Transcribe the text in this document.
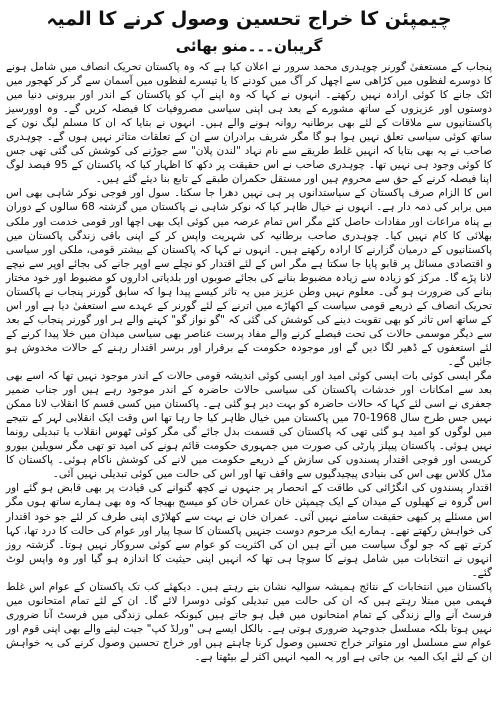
چیمپئن کا خراج تحسین وصول کرنے کا المیہ
گریبان۔۔۔منو بھائی

پنجاب کے مستعفیٰ گورنر چوہدری محمد سرور نے اعلان کیا ہے کہ وہ پاکستان تحریک انصاف میں شامل ہونے کا دوسرے لفظوں میں کڑاھی سے اچھل کر آگ میں کودنے کا یا تیسرے لفظوں میں آسمان سے گر کر کھجور میں اٹک جانے کا کوئی ارادہ نہیں رکھتے۔ انہوں نے کہا کہ وہ اپنے آپ کو پاکستان کے اندر اور بیرونی دنیا میں دوستوں اور عزیزوں کے ساتھ مشورے کے بعد ہی اپنی سیاسی مصروفیات کا فیصلہ کریں گے۔ وہ اوورسیز پاکستانیوں سے ملاقات کے لئے بھی برطانیہ روانہ ہونے والے ہیں۔ انہوں نے بتایا کہ ان کا مسلم لیگ نون کے ساتھ کوئی سیاسی تعلق نہیں ہوا ہو گا مگر شریف برادران سے ان کے تعلقات متاثر نہیں ہوں گے۔ چوہدری صاحب نے یہ بھی بتایا کہ انہیں غلط طریقے سے نام نہاد "لندن پلان" سے جوڑنے کی کوشش کی گئی تھی جس کا کوئی وجود ہی نہیں تھا۔ چوہدری صاحب نے اس حقیقت پر دکھ کا اظہار کیا کہ پاکستان کے 95 فیصد لوگ اپنا فیصلہ کرنے کے حق سے محروم ہیں اور مستقل حکمران طبقے کے تابع بنا دیئے گئے ہیں۔

اس کا الزام صرف پاکستان کے سیاستدانوں پر ہی نہیں دھرا جا سکتا۔ سول اور فوجی نوکر شاہی بھی اس میں برابر کی ذمہ دار ہے۔ انہوں نے خیال ظاہر کیا کہ نوکر شاہی نے پاکستان میں گزشتہ 68 سالوں کے دوران بے پناہ مراعات اور مفادات حاصل کئے مگر اس تمام عرصہ میں کوئی ایک بھی اچھا اور قومی خدمت اور ملکی بھلائی کا کام نہیں کیا۔ چوہدری صاحب برطانیہ کی شہریت واپس کر کے اپنی باقی زندگی پاکستان میں پاکستانیوں کے درمیان گزارنے کا ارادہ رکھتے ہیں۔ انہوں نے کہا کہ پاکستان کے بیشتر قومی، ملکی اور سیاسی و اقتصادی مسائل پر قابو پایا جا سکتا ہے مگر اس کے لئے اقتدار کو نچلے سے اوپر جانے کی بجائے اوپر سے نیچے لانا پڑے گا۔ مرکز کو زیادہ سے زیادہ مضبوط بنانے کی بجائے صوبوں اور بلدیاتی اداروں کو مضبوط اور خود مختار بنانے کی ضرورت ہو گی۔ معلوم نہیں وطن عزیز میں یہ تاثر کیسے پیدا ہوا کہ سابق گورنر پنجاب نے پاکستان تحریک انصاف کے ذریعے قومی سیاست کے اکھاڑے میں اترنے کے لئے گورنر کے عہدے سے استعفیٰ دیا ہے اور اس کے ساتھ اس تاثر کو بھی تقویت دینے کی کوشش کی گئی کہ "گو نواز گو" کہنے والے ہر اور گورنر پنجاب کے بعد سے دیگر موسمی حالات کی تحت فیصلے کرنے والے مفاد پرست عناصر بھی سیاسی میدان میں خلا پیدا کرنے کے لئے استعفوں کے ڈھیر لگا دیں گے اور موجودہ حکومت کے برقرار اور برسر اقتدار رہنے کے حالات مخدوش ہو جائیں گے۔

مگر ایسی کوئی بات ایسی کوئی امید اور ایسی کوئی اندیشہ قومی حالات کے اندر موجود نہیں تھا کہ اسے بھی بعد سے امکانات اور خدشات پاکستان کی سیاسی حالات حاضرہ کے اندر موجود رہے ہیں اور جناب ضمیر جعفری نے اسی لئے کہا کہ حالات حاضرہ کو بہت دیر ہو گئی ہے۔ پاکستان میں کسی قسم کا انقلاب لانا ممکن نہیں جس طرح سال 1968-70 میں پاکستان میں خیال ظاہر کیا جا رہا تھا اس وقت ایک انقلابی لہر کے نتیجے میں لوگوں کو امید ہو گئی تھی کہ پاکستان کی قسمت بدل جائے گی مگر کوئی ٹھوس انقلاب یا تبدیلی رونما نہیں ہوئی۔ پاکستان پیپلز پارٹی کی صورت میں جمہوری حکومت قائم ہونے کی امید تو تھی مگر سویلین بیورو کریسی اور فوجی اقتدار پسندوں کی سازش کے ذریعے حکومت میں لانے کی کوشش ناکام ہوئی۔ پاکستان کا مڈل کلاس بھی اس کی بنیادی پیچیدگیوں سے واقف تھا اور اس کی حالت میں کوئی تبدیلی نہیں آئی۔

اقتدار پسندوں کی انگڑائی کی طاقت کے انحصار پر جنہوں نے کچھ گنوانے کی قیادت پر بھی قابض ہو گئے اور اس گروہ نے کھیلوں کے میدان کے ایک چیمپئن خان عمران خان کو میسج بھیجا کہ وہ بھی ہمارے ساتھ ہوں مگر اس مسئلے پر کبھی حقیقت سامنے نہیں آئی۔ عمران خان نے بہت سے کھلاڑی اپنی طرف کر لئے جو خود اقتدار کی خواہش رکھتے تھے۔ ہمارے ایک مرحوم دوست جنہیں پاکستان کا سچا پیار اور عوام کی حالت کا درد تھا، کہا کرتے تھے کہ جو لوگ سیاست میں آتے ہیں ان کی اکثریت کو عوام سے کوئی سروکار نہیں ہوتا۔ گزشتہ روز انہوں نے انتخابات میں شامل ہونے کا سوچا ہی تھا کہ انہیں اپنی حیثیت کا اندازہ ہو گیا اور وہ واپس لوٹ گئے۔

پاکستان میں انتخابات کے نتائج ہمیشہ سوالیہ نشان بنے رہتے ہیں۔ دیکھئے کب تک پاکستان کے عوام اس غلط فہمی میں مبتلا رہتے ہیں کہ ان کی حالت میں تبدیلی کوئی دوسرا لائے گا۔ ان کے لئے تمام امتحانوں میں فرسٹ آنے والے زندگی کے تمام امتحانوں میں فیل ہو جاتے ہیں کیونکہ عملی زندگی میں فرسٹ آنا ضروری نہیں ہوتا بلکہ مسلسل جدوجہد ضروری ہوتی ہے۔ بالکل ایسے ہی "ورلڈ کپ" جیت لینے والے بھی اپنی قوم اور عوام سے مسلسل اور متواتر خراج تحسین وصول کرنا چاہتے ہیں اور خراج تحسین وصول کرنے کی یہ خواہش ان کے لئے ایک المیہ بن جاتی ہے اور یہ المیہ انہیں اکثر لے بیٹھتا ہے۔
